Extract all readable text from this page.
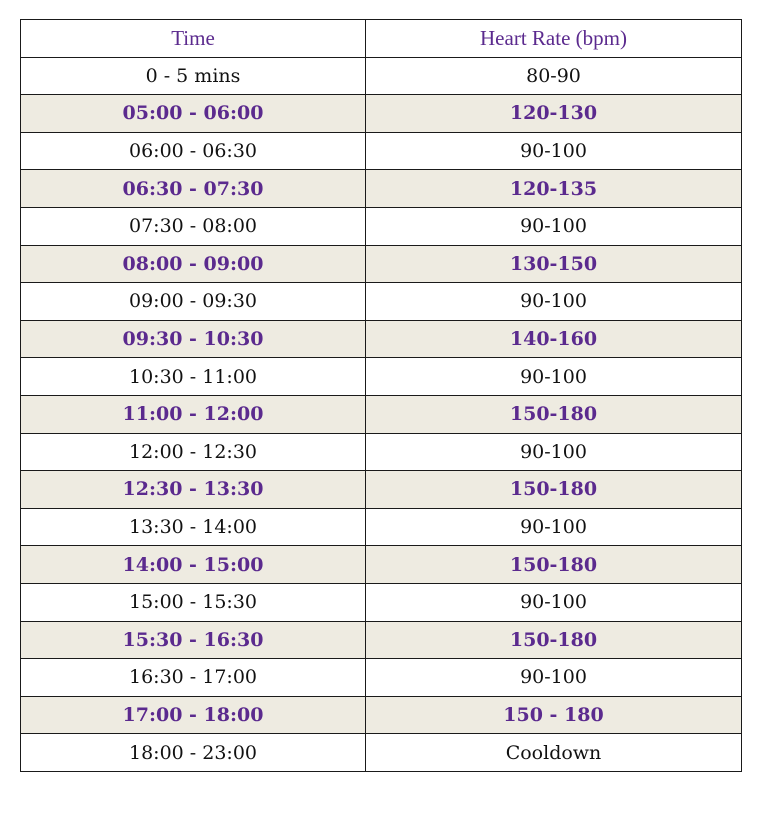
Time	Heart Rate (bpm)
0 - 5 mins	80-90
05:00 - 06:00	120-130
06:00 - 06:30	90-100
06:30 - 07:30	120-135
07:30 - 08:00	90-100
08:00 - 09:00	130-150
09:00 - 09:30	90-100
09:30 - 10:30	140-160
10:30 - 11:00	90-100
11:00 - 12:00	150-180
12:00 - 12:30	90-100
12:30 - 13:30	150-180
13:30 - 14:00	90-100
14:00 - 15:00	150-180
15:00 - 15:30	90-100
15:30 - 16:30	150-180
16:30 - 17:00	90-100
17:00 - 18:00	150 - 180
18:00 - 23:00	Cooldown
